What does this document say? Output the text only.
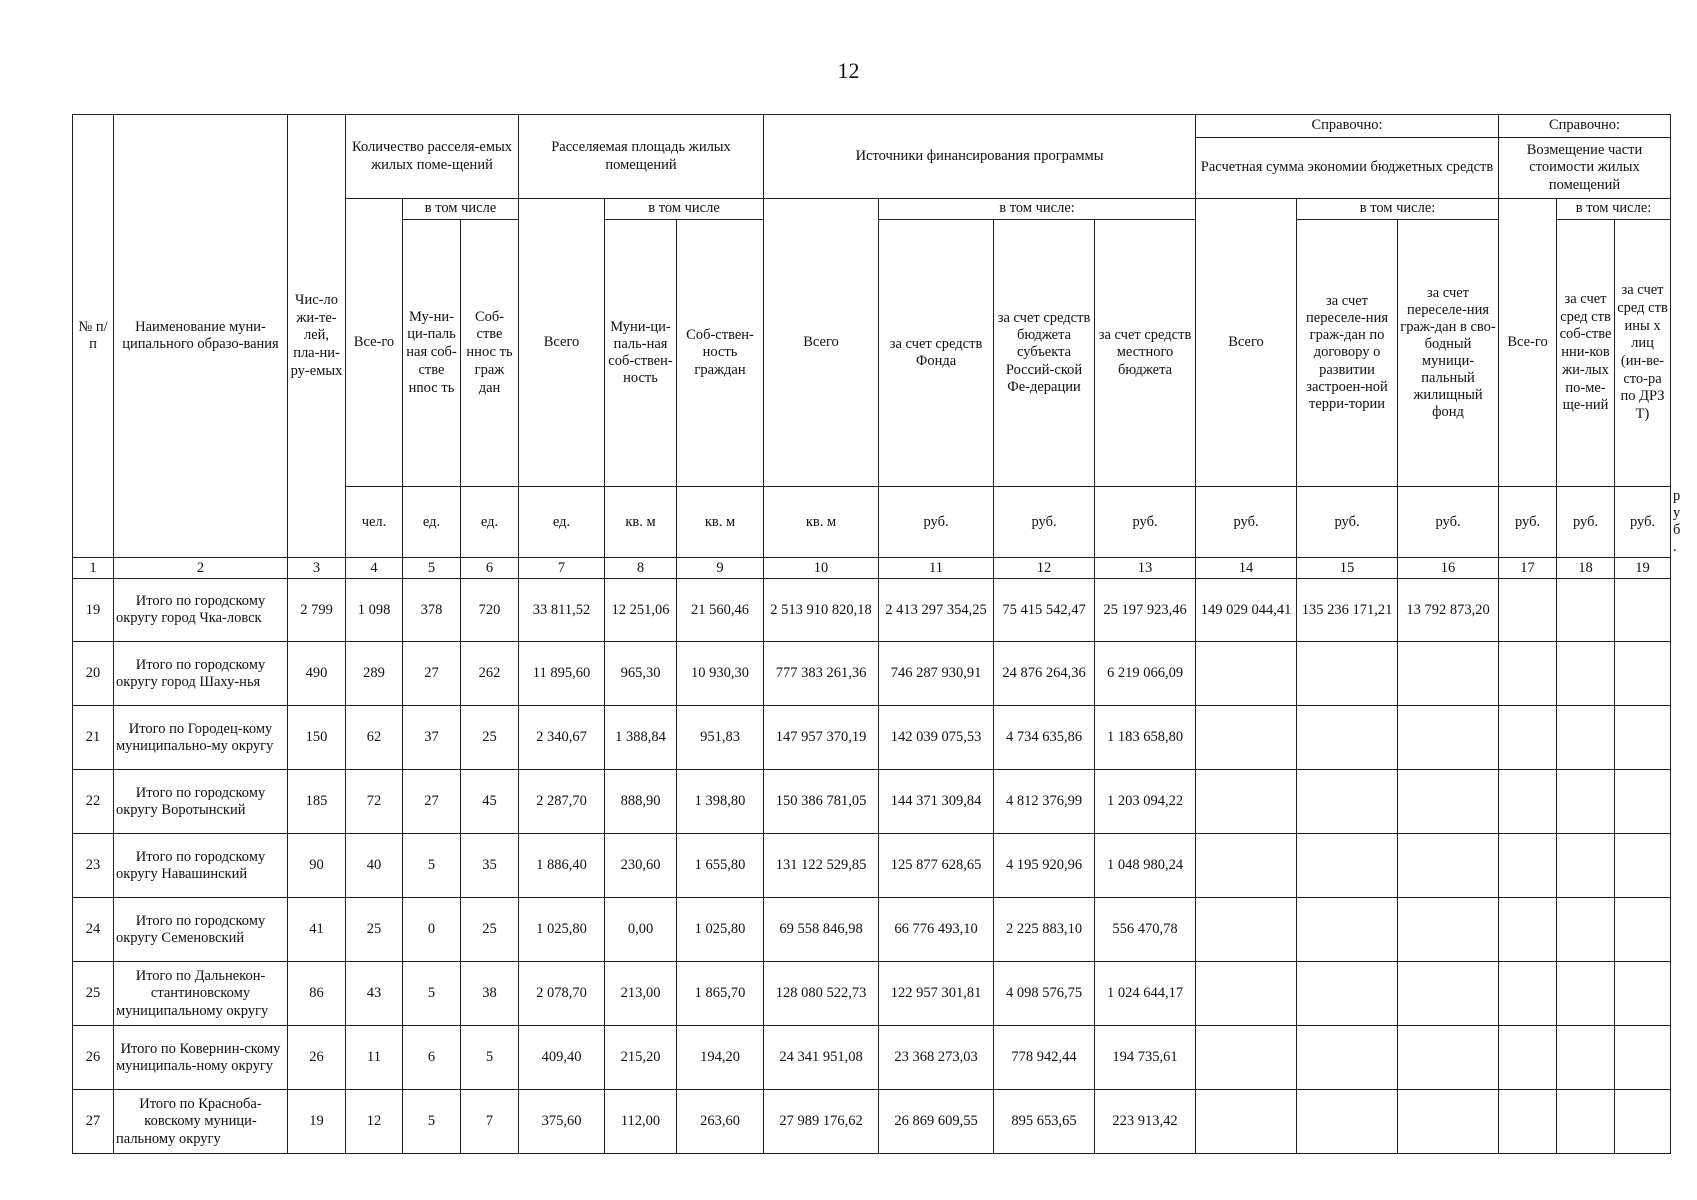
12
№ п/п	Наименование муни-ципального образо-вания	Чис-ло жи-те-лей, пла-ни-ру-емых	Количество расселя-емых жилых поме-щений			Расселяемая площадь жилых помещений			Источники финансирования программы				Справочно:			Справочно:			
													Расчетная сумма экономии бюджетных средств			Возмещение части стоимости жилых помещений			
			Все-го	в том числе		Всего	в том числе		Всего	в том числе:			Всего	в том числе:		Все-го	в том числе:		
				Му-ни-ци-паль ная соб-стве нnос ть	Соб-стве ннос ть граж дан		Муни-ци-паль-ная соб-ствен-ность	Соб-ствен-ность граждан		за счет средств Фонда	за счет средств бюджета субъекта Россий-ской Фе-дерации	за счет средств местного бюджета		за счет переселе-ния граж-дан по договору о развитии застроен-ной терри-тории	за счет переселе-ния граж-дан в сво-бодный муници-пальный жилищный фонд		за счет сред ств соб-стве нни-ков жи-лых по-ме-ще-ний	за счет сред ств ины х лиц (ин-ве-сто-ра по ДРЗ Т)	
			чел.	ед.	ед.	ед.	кв. м	кв. м	кв. м	руб.	руб.	руб.	руб.	руб.	руб.	руб.	руб.	руб.	руб.
1	2	3	4	5	6	7	8	9	10	11	12	13	14	15	16	17	18	19	
19	Итого по городскому округу город Чка-ловск	2 799	1 098	378	720	33 811,52	12 251,06	21 560,46	2 513 910 820,18	2 413 297 354,25	75 415 542,47	25 197 923,46	149 029 044,41	135 236 171,21	13 792 873,20				
20	Итого по городскому округу город Шаху-нья	490	289	27	262	11 895,60	965,30	10 930,30	777 383 261,36	746 287 930,91	24 876 264,36	6 219 066,09							
21	Итого по Городец-кому муниципально-му округу	150	62	37	25	2 340,67	1 388,84	951,83	147 957 370,19	142 039 075,53	4 734 635,86	1 183 658,80							
22	Итого по городскому округу Воротынский	185	72	27	45	2 287,70	888,90	1 398,80	150 386 781,05	144 371 309,84	4 812 376,99	1 203 094,22							
23	Итого по городскому округу Навашинский	90	40	5	35	1 886,40	230,60	1 655,80	131 122 529,85	125 877 628,65	4 195 920,96	1 048 980,24							
24	Итого по городскому округу Семеновский	41	25	0	25	1 025,80	0,00	1 025,80	69 558 846,98	66 776 493,10	2 225 883,10	556 470,78							
25	Итого по Дальнекон-стантиновскому муниципальному округу	86	43	5	38	2 078,70	213,00	1 865,70	128 080 522,73	122 957 301,81	4 098 576,75	1 024 644,17							
26	Итого по Ковернин-скому муниципаль-ному округу	26	11	6	5	409,40	215,20	194,20	24 341 951,08	23 368 273,03	778 942,44	194 735,61							
27	Итого по Краснобa-ковскому муници-пальному округу	19	12	5	7	375,60	112,00	263,60	27 989 176,62	26 869 609,55	895 653,65	223 913,42							
